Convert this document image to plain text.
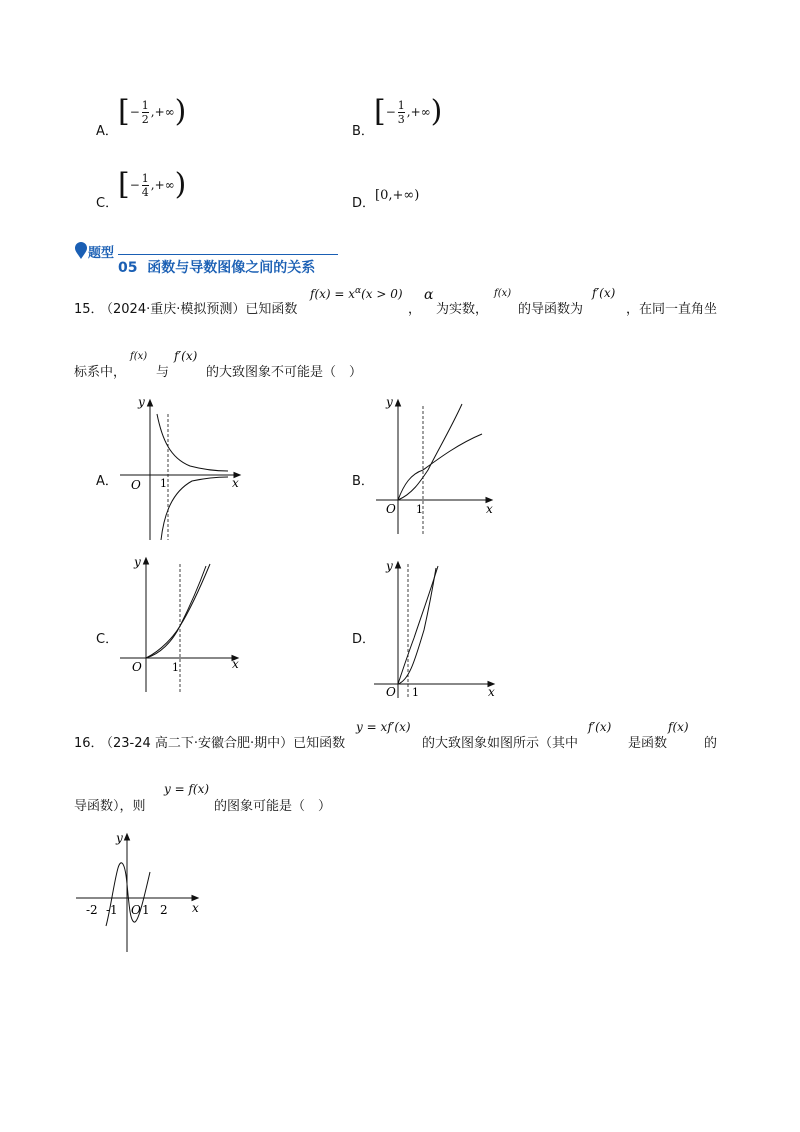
A．
[ − $\frac{1}{2}$ ,+∞ )
B．
[ − $\frac{1}{3}$ ,+∞ )
C．
[ − $\frac{1}{4}$ ,+∞ )
D．
[0,+∞)
题型
05 函数与导数图像之间的关系
15．
（2024·重庆·模拟预测）已知函数
$f(x) = x^\alpha(x > 0)$
，
α
为实数，
f(x)
的导函数为
f′(x)
，在同一直角坐
标系中，
f(x)
与
f′(x)
的大致图象不可能是（　）
A．	B．
C．	D．
O 1	x
y
O 1	x
y
O	1	x
y
O 1	x
y
16．
（23-24 高二下·安徽合肥·期中）已知函数
y = xf′(x)
的大致图象如图所示（其中
f′(x)
是函数
f(x)
的
导函数），则
y = f(x)
的图象可能是（　）
-2 -1 O 1 2 x
y
